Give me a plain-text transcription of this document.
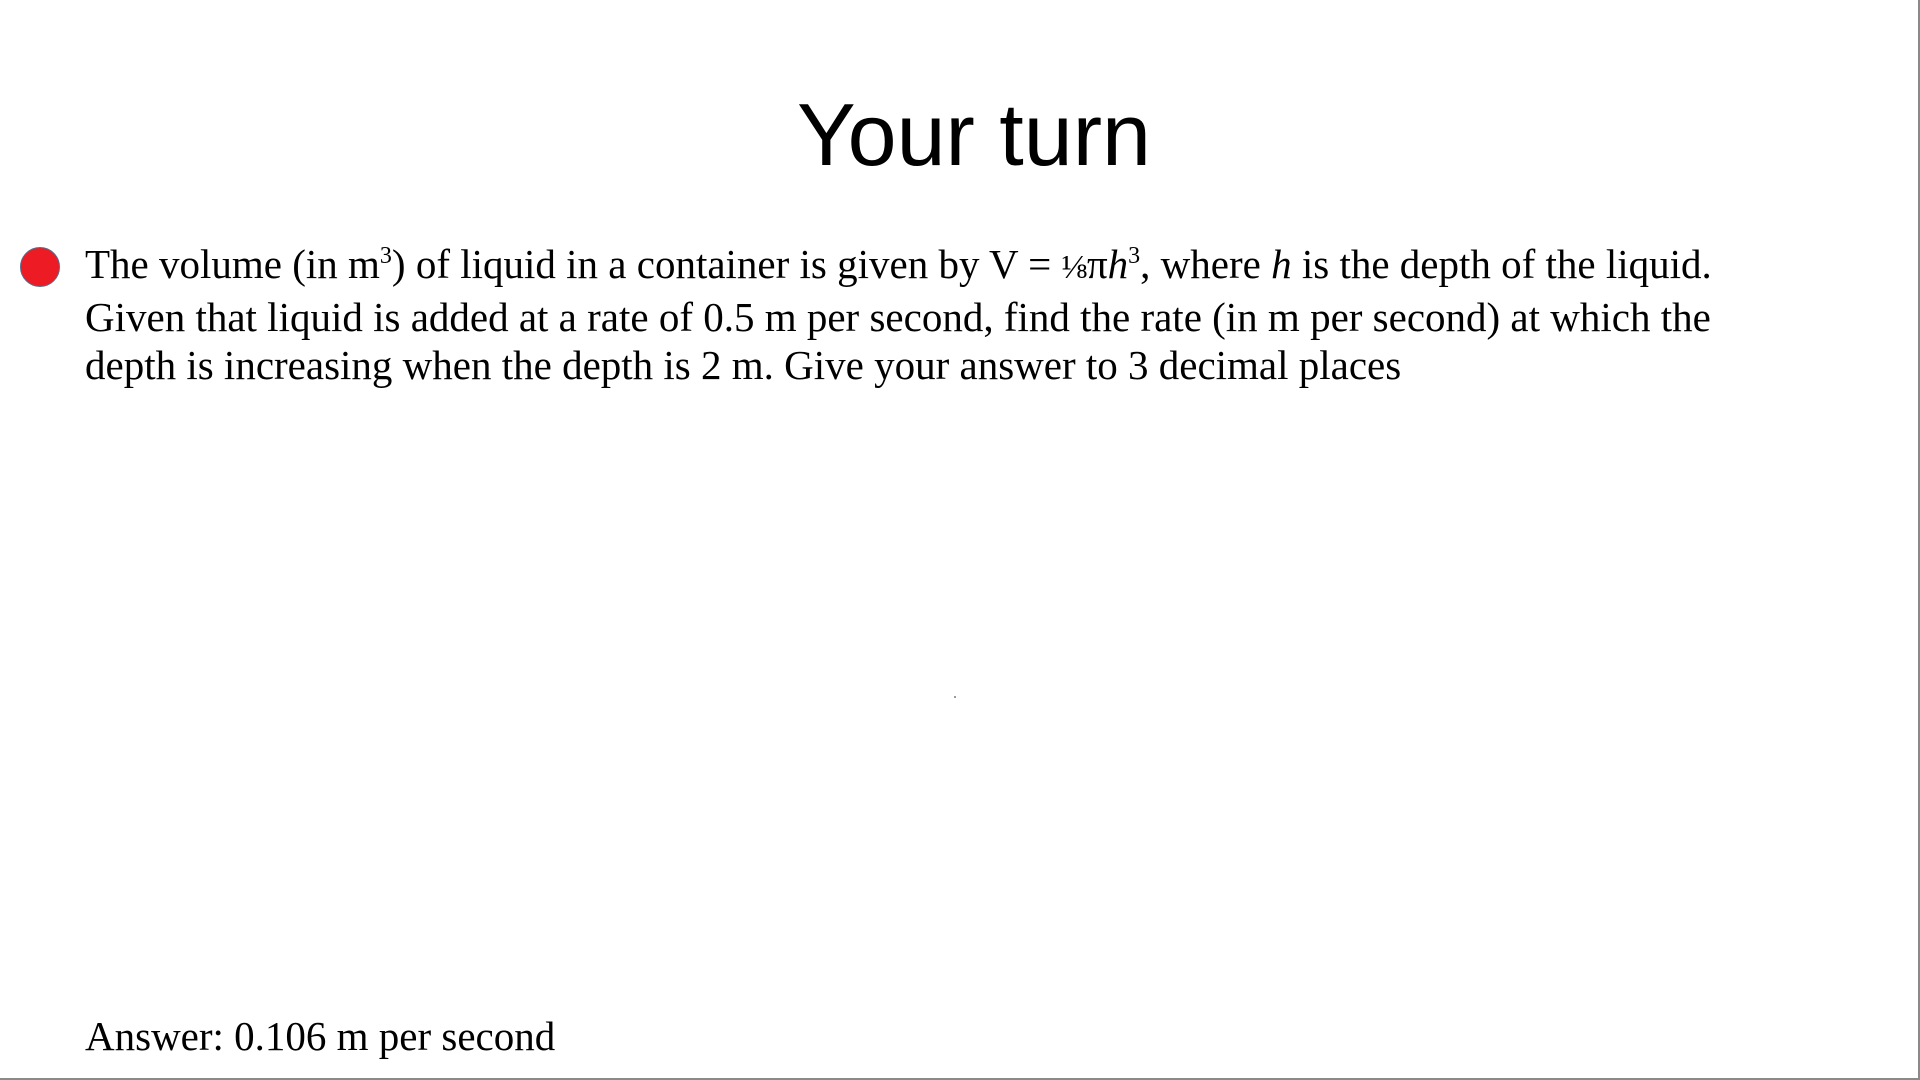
Your turn

The volume (in $m^3$) of liquid in a container is given by $V = \frac{1}{8}\pi h^3$, where h is the depth of the liquid.
Given that liquid is added at a rate of 0.5 m per second, find the rate (in m per second) at which the
depth is increasing when the depth is 2 m. Give your answer to 3 decimal places

Answer: 0.106 m per second
